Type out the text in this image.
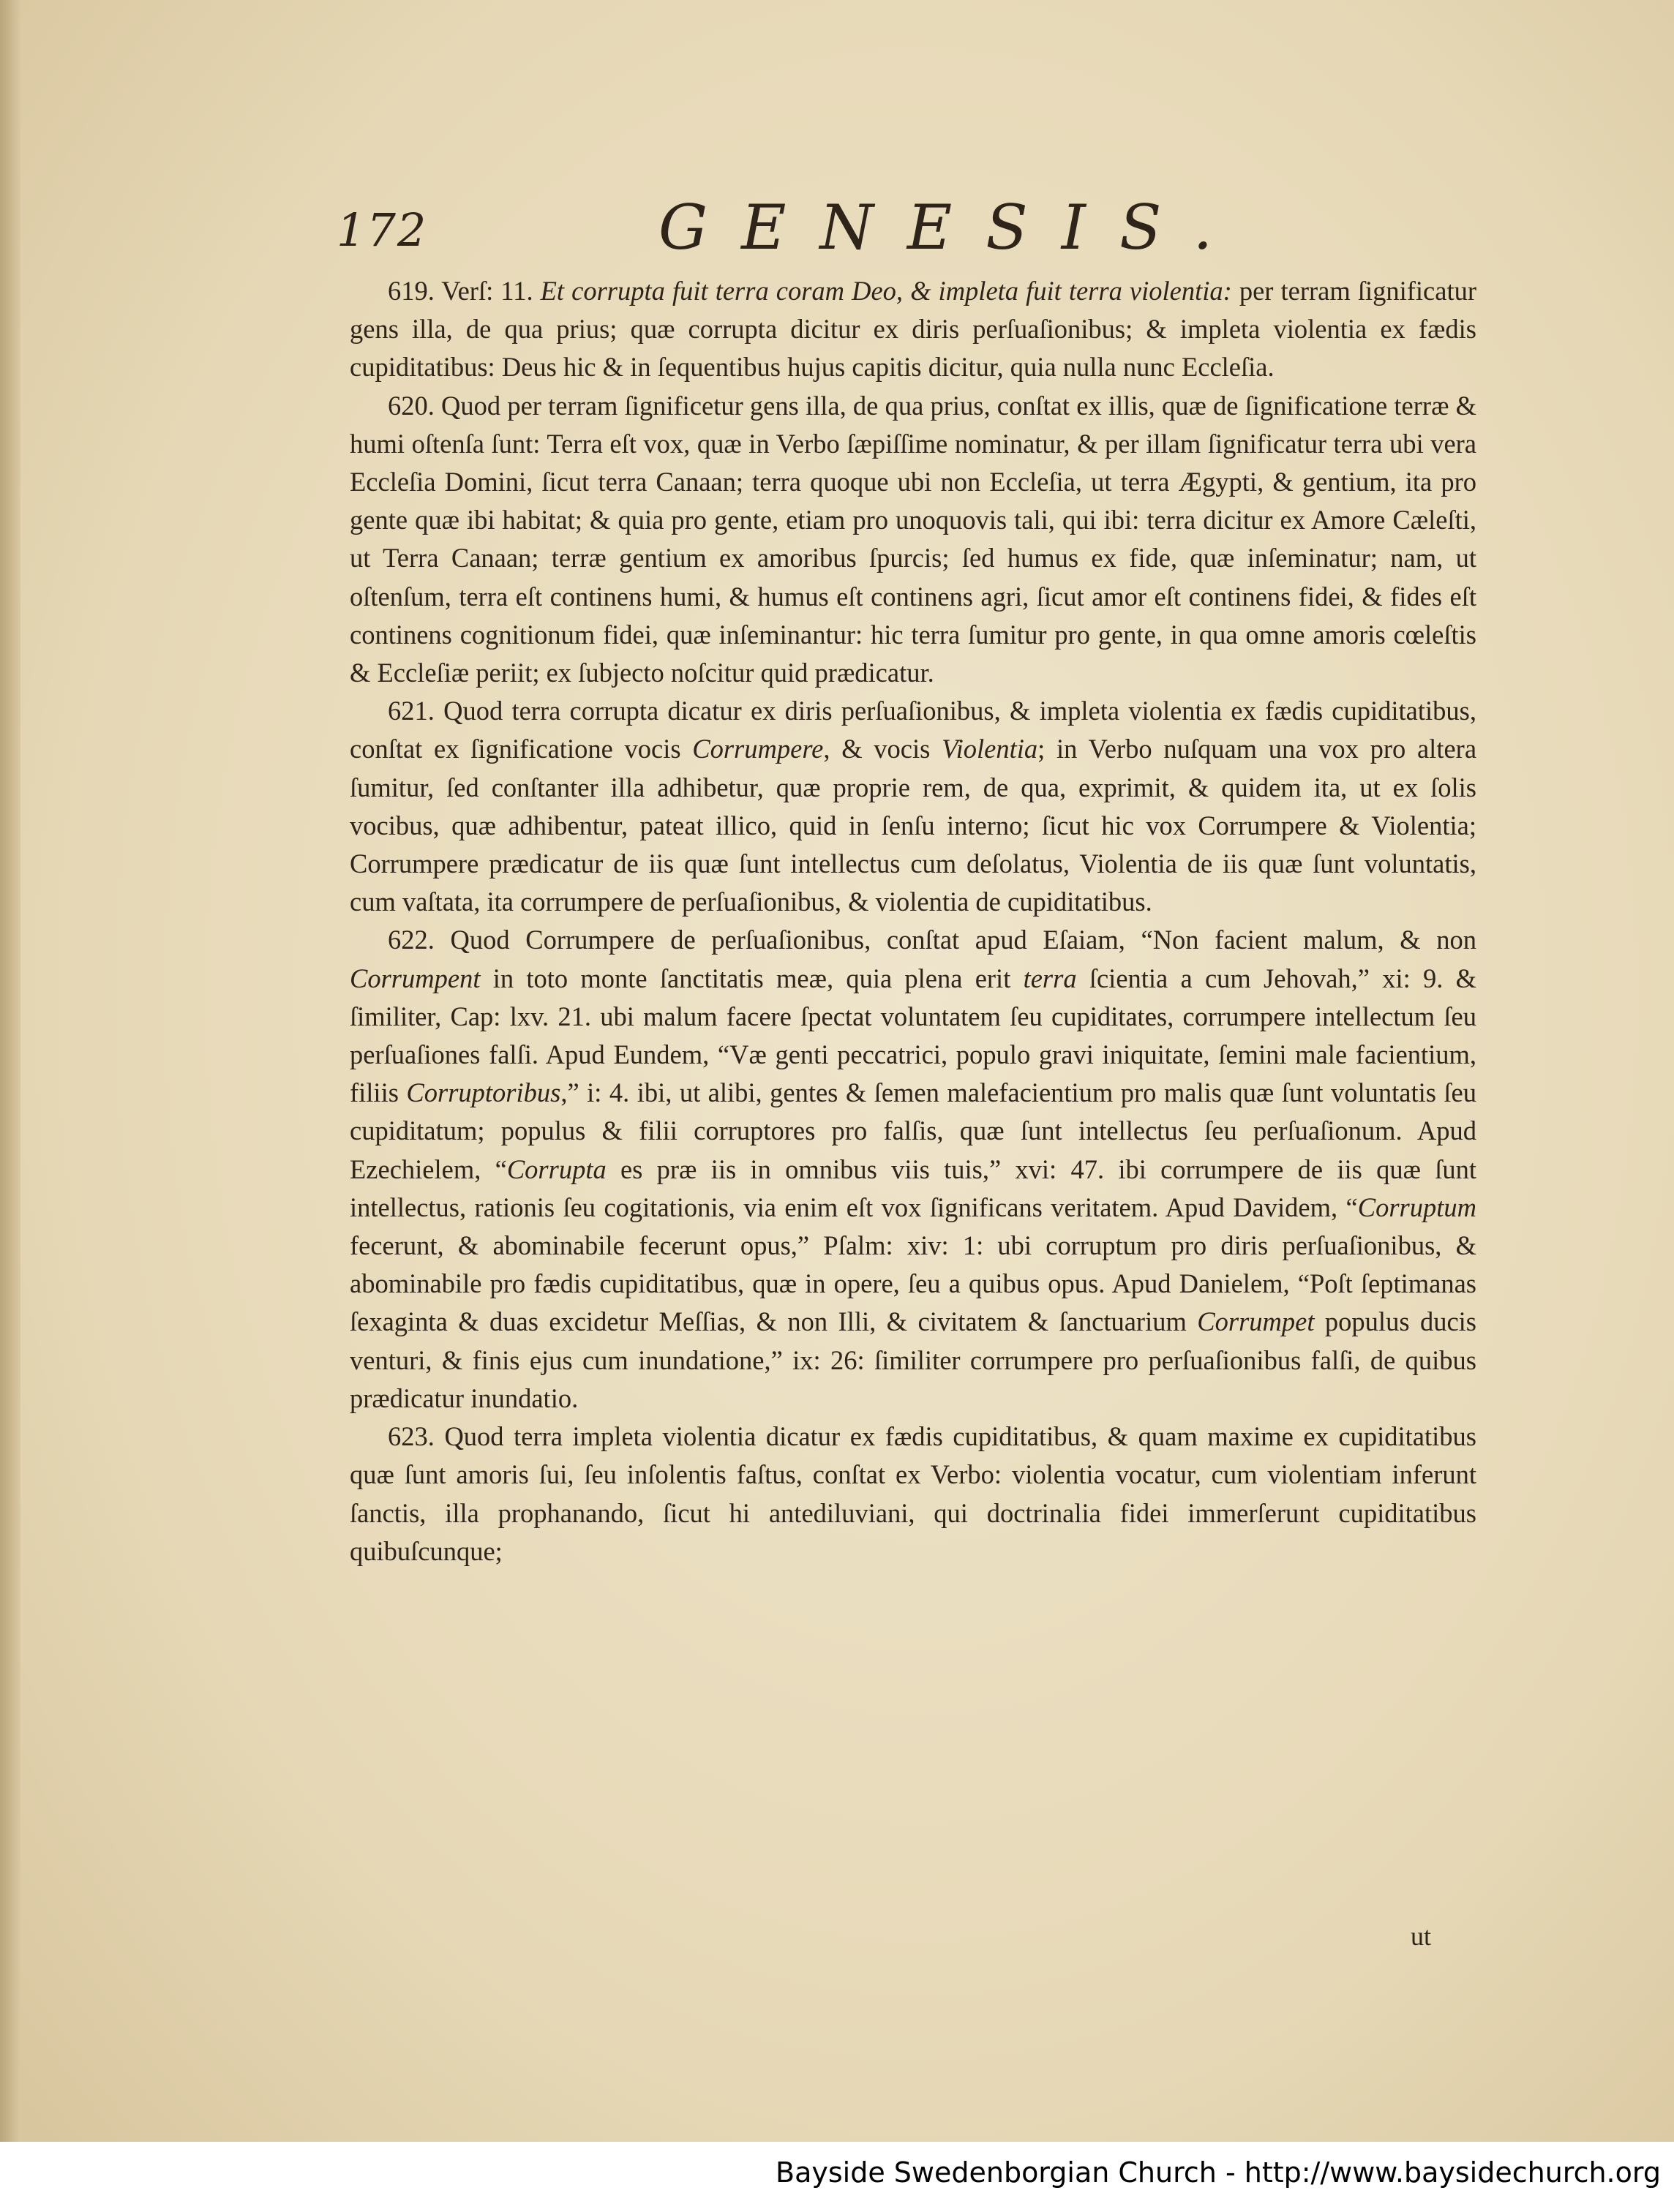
172	GENESIS.

619. Verſ: 11. Et corrupta fuit terra coram Deo, & impleta fuit terra violentia: per terram ſignificatur gens illa, de qua prius; quæ corrupta dicitur ex diris perſuaſionibus; & impleta violentia ex fædis cupiditatibus: Deus hic & in ſequentibus hujus capitis dicitur, quia nulla nunc Eccleſia.

620. Quod per terram ſignificetur gens illa, de qua prius, conſtat ex illis, quæ de ſignificatione terræ & humi oſtenſa ſunt: Terra eſt vox, quæ in Verbo ſæpiſſime nominatur, & per illam ſignificatur terra ubi vera Eccleſia Domini, ſicut terra Canaan; terra quoque ubi non Eccleſia, ut terra Ægypti, & gentium, ita pro gente quæ ibi habitat; & quia pro gente, etiam pro unoquovis tali, qui ibi: terra dicitur ex Amore Cæleſti, ut Terra Canaan; terræ gentium ex amoribus ſpurcis; ſed humus ex fide, quæ inſeminatur; nam, ut oſtenſum, terra eſt continens humi, & humus eſt continens agri, ſicut amor eſt continens fidei, & fides eſt continens cognitionum fidei, quæ inſeminantur: hic terra ſumitur pro gente, in qua omne amoris cœleſtis & Eccleſiæ periit; ex ſubjecto noſcitur quid prædicatur.

621. Quod terra corrupta dicatur ex diris perſuaſionibus, & impleta violentia ex fædis cupiditatibus, conſtat ex ſignificatione vocis Corrumpere, & vocis Violentia; in Verbo nuſquam una vox pro altera ſumitur, ſed conſtanter illa adhibetur, quæ proprie rem, de qua, exprimit, & quidem ita, ut ex ſolis vocibus, quæ adhibentur, pateat illico, quid in ſenſu interno; ſicut hic vox Corrumpere & Violentia; Corrumpere prædicatur de iis quæ ſunt intellectus cum deſolatus, Violentia de iis quæ ſunt voluntatis, cum vaſtata, ita corrumpere de perſuaſionibus, & violentia de cupiditatibus.

622. Quod Corrumpere de perſuaſionibus, conſtat apud Eſaiam, “Non facient malum, & non Corrumpent in toto monte ſanctitatis meæ, quia plena erit terra ſcientia a cum Jehovah,” xi: 9. & ſimiliter, Cap: lxv. 21. ubi malum facere ſpectat voluntatem ſeu cupiditates, corrumpere intellectum ſeu perſuaſiones falſi. Apud Eundem, “Væ genti peccatrici, populo gravi iniquitate, ſemini male facientium, filiis Corruptoribus,” i: 4. ibi, ut alibi, gentes & ſemen malefacientium pro malis quæ ſunt voluntatis ſeu cupiditatum; populus & filii corruptores pro falſis, quæ ſunt intellectus ſeu perſuaſionum. Apud Ezechielem, “Corrupta es præ iis in omnibus viis tuis,” xvi: 47. ibi corrumpere de iis quæ ſunt intellectus, rationis ſeu cogitationis, via enim eſt vox ſignificans veritatem. Apud Davidem, “Corruptum fecerunt, & abominabile fecerunt opus,” Pſalm: xiv: 1: ubi corruptum pro diris perſuaſionibus, & abominabile pro fædis cupiditatibus, quæ in opere, ſeu a quibus opus. Apud Danielem, “Poſt ſeptimanas ſexaginta & duas excidetur Meſſias, & non Illi, & civitatem & ſanctuarium Corrumpet populus ducis venturi, & finis ejus cum inundatione,” ix: 26: ſimiliter corrumpere pro perſuaſionibus falſi, de quibus prædicatur inundatio.

623. Quod terra impleta violentia dicatur ex fædis cupiditatibus, & quam maxime ex cupiditatibus quæ ſunt amoris ſui, ſeu inſolentis faſtus, conſtat ex Verbo: violentia vocatur, cum violentiam inferunt ſanctis, illa prophanando, ſicut hi antediluviani, qui doctrinalia fidei immerſerunt cupiditatibus quibuſcunque;

ut
Bayside Swedenborgian Church - http://www.baysidechurch.org
